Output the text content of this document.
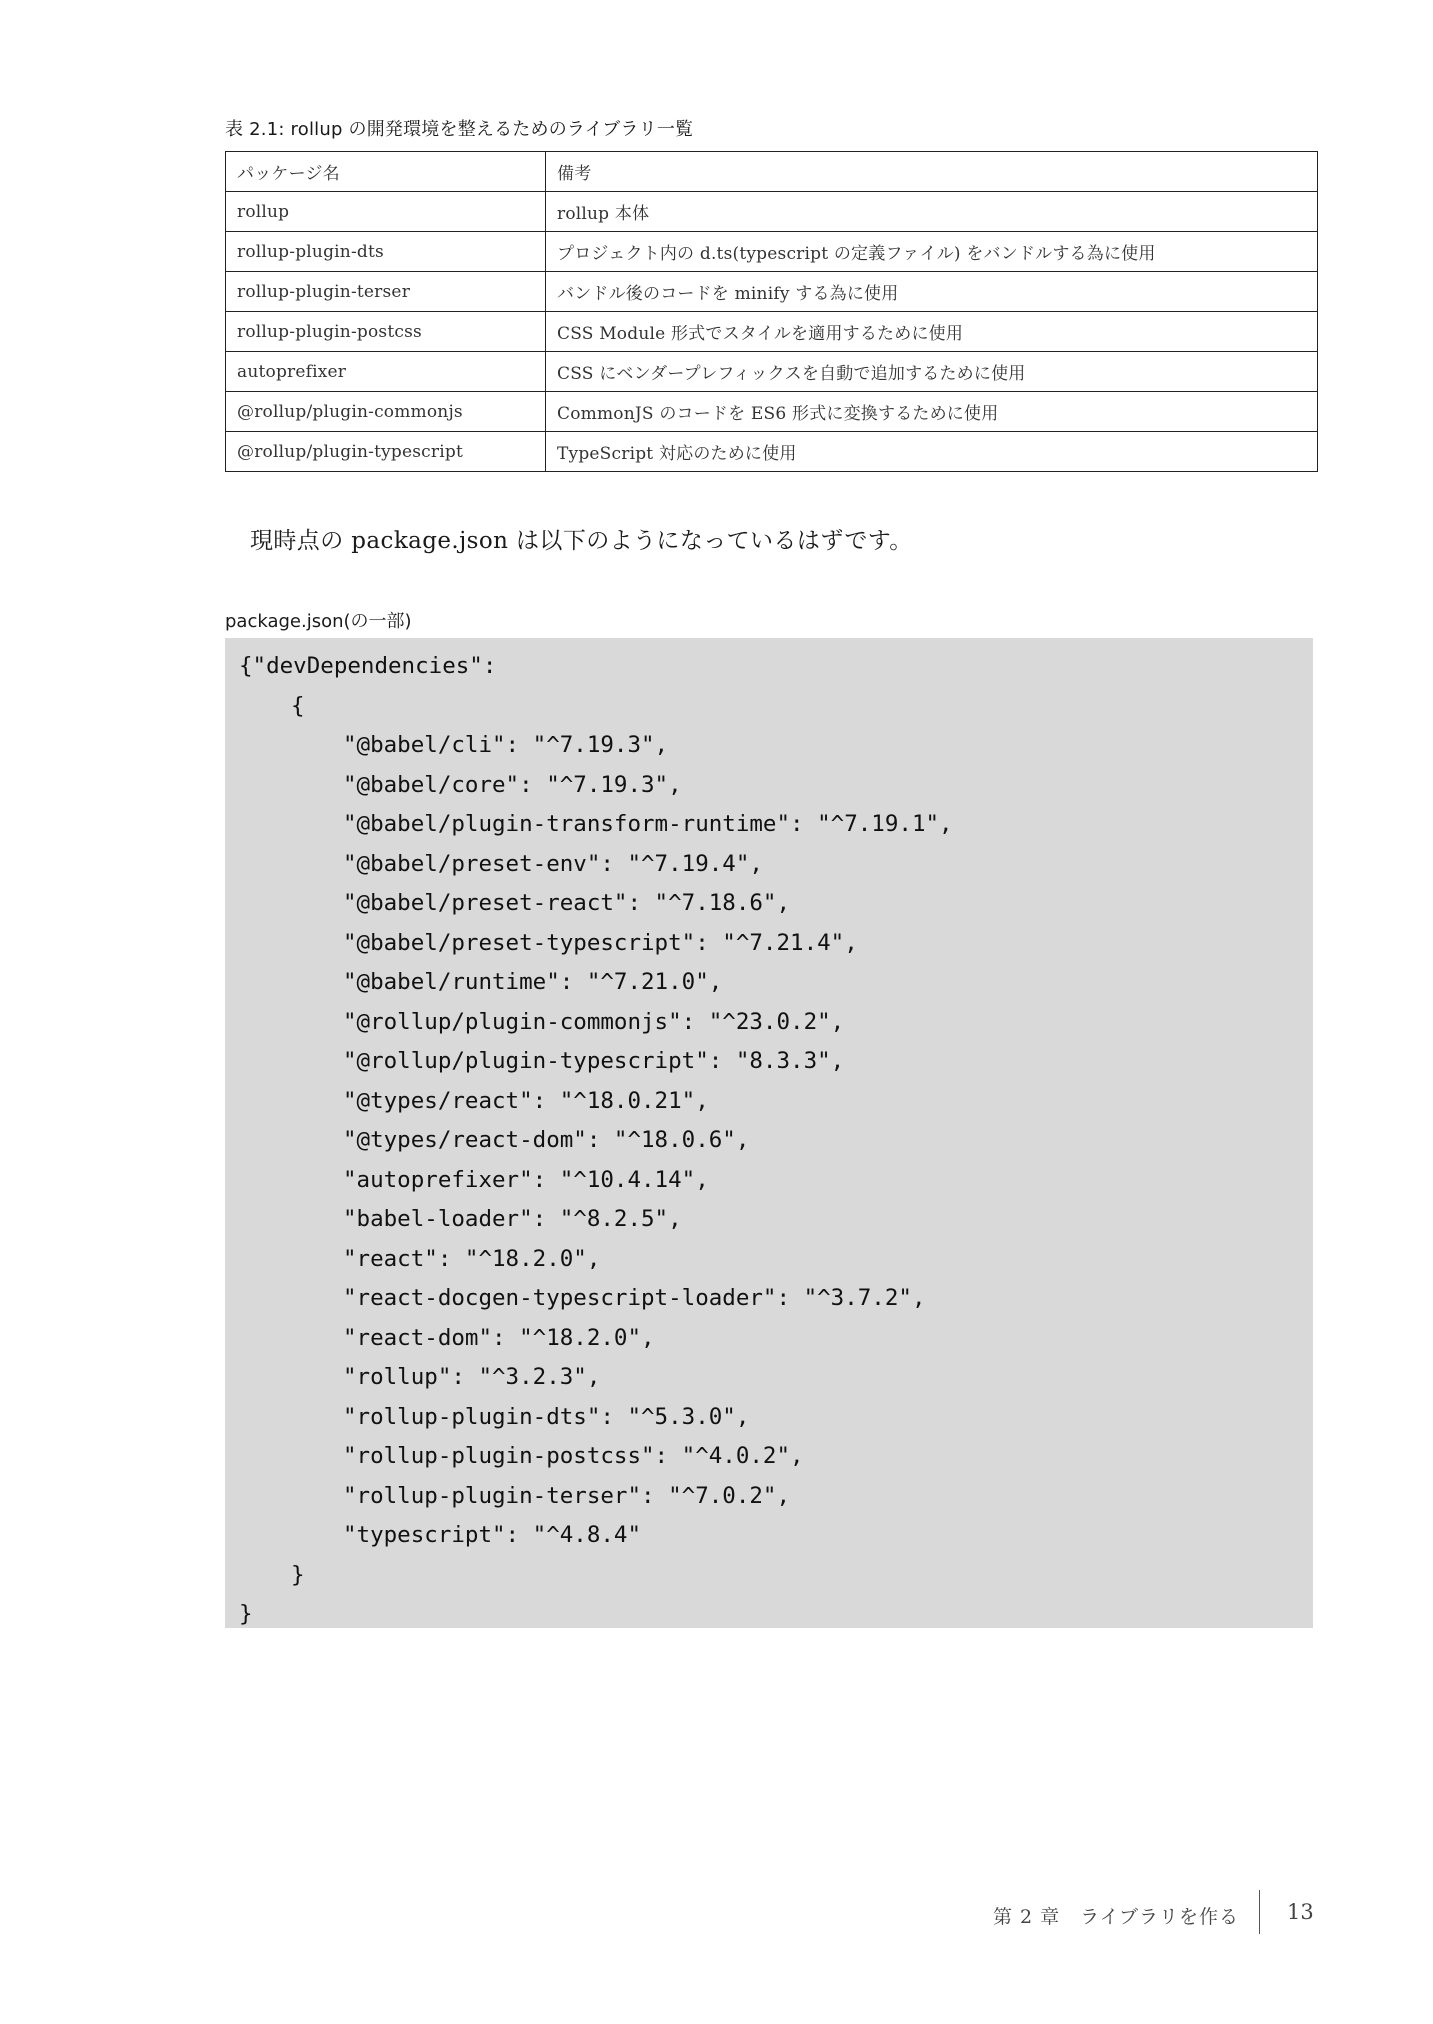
表 2.1: rollup の開発環境を整えるためのライブラリ一覧
パッケージ名	備考
rollup	rollup 本体
rollup-plugin-dts	プロジェクト内の d.ts(typescript の定義ファイル) をバンドルする為に使用
rollup-plugin-terser	バンドル後のコードを minify する為に使用
rollup-plugin-postcss	CSS Module 形式でスタイルを適用するために使用
autoprefixer	CSS にベンダープレフィックスを自動で追加するために使用
@rollup/plugin-commonjs	CommonJS のコードを ES6 形式に変換するために使用
@rollup/plugin-typescript	TypeScript 対応のために使用
現時点の package.json は以下のようになっているはずです。
package.json(の一部)
{"devDependencies":
{
"@babel/cli": "^7.19.3",
"@babel/core": "^7.19.3",
"@babel/plugin-transform-runtime": "^7.19.1",
"@babel/preset-env": "^7.19.4",
"@babel/preset-react": "^7.18.6",
"@babel/preset-typescript": "^7.21.4",
"@babel/runtime": "^7.21.0",
"@rollup/plugin-commonjs": "^23.0.2",
"@rollup/plugin-typescript": "8.3.3",
"@types/react": "^18.0.21",
"@types/react-dom": "^18.0.6",
"autoprefixer": "^10.4.14",
"babel-loader": "^8.2.5",
"react": "^18.2.0",
"react-docgen-typescript-loader": "^3.7.2",
"react-dom": "^18.2.0",
"rollup": "^3.2.3",
"rollup-plugin-dts": "^5.3.0",
"rollup-plugin-postcss": "^4.0.2",
"rollup-plugin-terser": "^7.0.2",
"typescript": "^4.8.4"
}
}
第 2 章　ライブラリを作る 13
